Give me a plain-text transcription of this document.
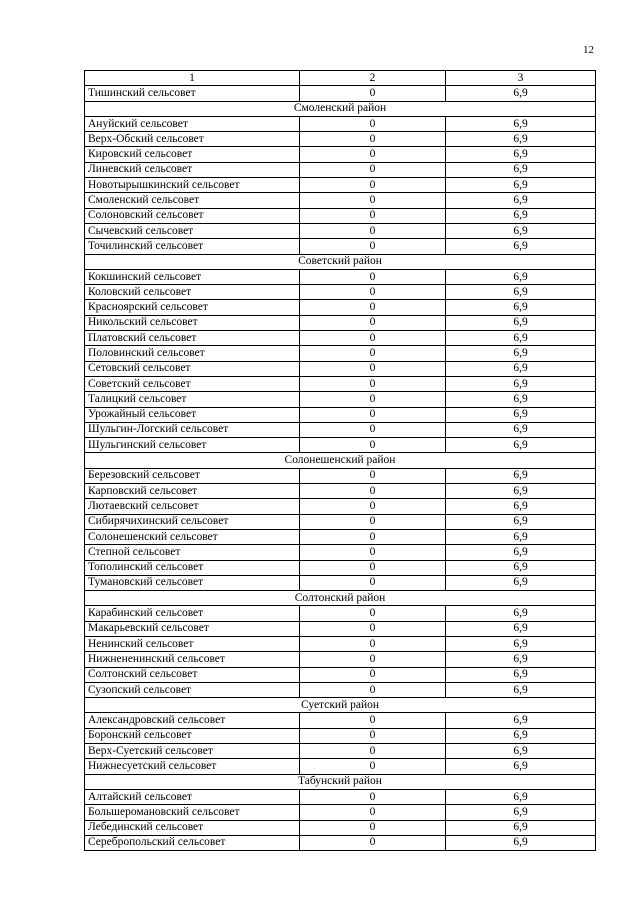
12
1	2	3
Тишинский сельсовет	0	6,9
Смоленский район		
Ануйский сельсовет	0	6,9
Верх-Обский сельсовет	0	6,9
Кировский сельсовет	0	6,9
Линевский сельсовет	0	6,9
Новотырышкинский сельсовет	0	6,9
Смоленский сельсовет	0	6,9
Солоновский сельсовет	0	6,9
Сычевский сельсовет	0	6,9
Точилинский сельсовет	0	6,9
Советский район		
Кокшинский сельсовет	0	6,9
Коловский сельсовет	0	6,9
Красноярский сельсовет	0	6,9
Никольский сельсовет	0	6,9
Платовский сельсовет	0	6,9
Половинский сельсовет	0	6,9
Сетовский сельсовет	0	6,9
Советский сельсовет	0	6,9
Талицкий сельсовет	0	6,9
Урожайный сельсовет	0	6,9
Шульгин-Логский сельсовет	0	6,9
Шульгинский сельсовет	0	6,9
Солонешенский район		
Березовский сельсовет	0	6,9
Карповский сельсовет	0	6,9
Лютаевский сельсовет	0	6,9
Сибирячихинский сельсовет	0	6,9
Солонешенский сельсовет	0	6,9
Степной сельсовет	0	6,9
Тополинский сельсовет	0	6,9
Тумановский сельсовет	0	6,9
Солтонский район		
Карабинский сельсовет	0	6,9
Макарьевский сельсовет	0	6,9
Ненинский сельсовет	0	6,9
Нижнененинский сельсовет	0	6,9
Солтонский сельсовет	0	6,9
Сузопский сельсовет	0	6,9
Суетский район		
Александровский сельсовет	0	6,9
Боронский сельсовет	0	6,9
Верх-Суетский сельсовет	0	6,9
Нижнесуетский сельсовет	0	6,9
Табунский район		
Алтайский сельсовет	0	6,9
Большеромановский сельсовет	0	6,9
Лебединский сельсовет	0	6,9
Серебропольский сельсовет	0	6,9
